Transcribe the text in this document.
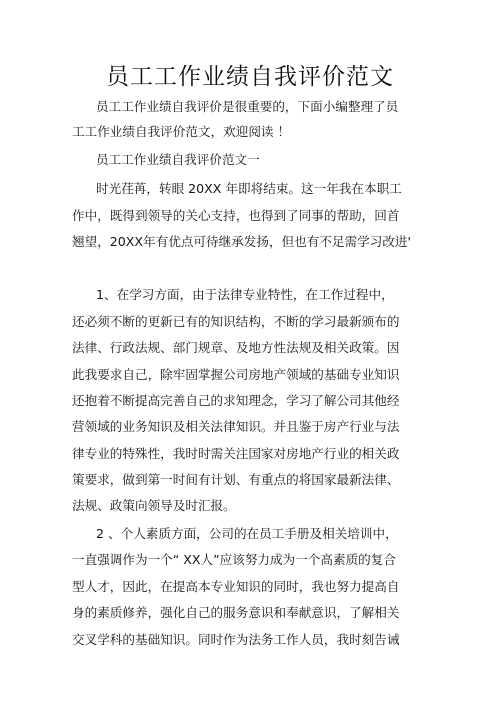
员工工作业绩自我评价范文
员工工作业绩自我评价是很重要的，下面小编整理了员
工工作业绩自我评价范文，欢迎阅读 ！
员工工作业绩自我评价范文一
时光荏苒，转眼 20XX 年即将结束。这一年我在本职工
作中，既得到领导的关心支持，也得到了同事的帮助，回首
翘望，20XX年有优点可待继承发扬，但也有不足需学习改进'
1、在学习方面，由于法律专业特性，在工作过程中，
还必须不断的更新已有的知识结构，不断的学习最新颁布的
法律、行政法规、部门规章、及地方性法规及相关政策。因
此我要求自己，除牢固掌握公司房地产领域的基础专业知识
还抱着不断提高完善自己的求知理念，学习了解公司其他经
营领域的业务知识及相关法律知识。并且鉴于房产行业与法
律专业的特殊性，我时时需关注国家对房地产行业的相关政
策要求，做到第一时间有计划、有重点的将国家最新法律、
法规、政策向领导及时汇报。
2 、个人素质方面，公司的在员工手册及相关培训中，
一直强调作为一个“ XX人”应该努力成为一个高素质的复合
型人才，因此，在提高本专业知识的同时，我也努力提高自
身的素质修养，强化自己的服务意识和奉献意识，了解相关
交叉学科的基础知识。同时作为法务工作人员，我时刻告诫
